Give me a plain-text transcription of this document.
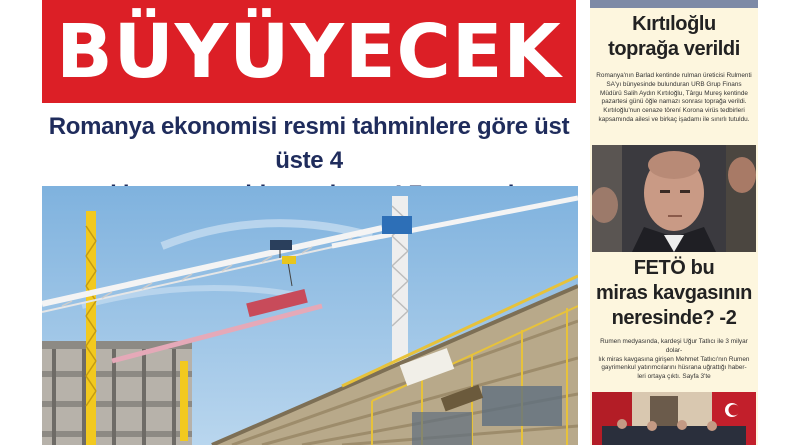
BÜYÜYECEK
Romanya ekonomisi resmi tahminlere göre üst üste 4
Kırtıloğlu
toprağa verildi
Romanya'nın Barlad kentinde rulman üreticisi Rulmenti
SA'yı bünyesinde bulunduran URB Grup Finans
Müdürü Salih Aydın Kırtıloğlu, Târgu Mureş kentinde
pazartesi günü öğle namazı sonrası toprağa verildi.
Kırtıloğlu'nun cenaze törení Korona virüs tedbirleri
kapsamında ailesi ve birkaç işadamı ile sınırlı tutuldu.
FETÖ bu
miras kavgasının
neresinde? -2
Rumen medyasında, kardeşi Uğur Tatlıcı ile 3 milyar dolar-
lık miras kavgasına girişen Mehmet Tatlıcı'nın Rumen
gayrimenkul yatırımcılarını hüsrana uğrattığı haber-
leri ortaya çıktı. Sayfa 3'te
